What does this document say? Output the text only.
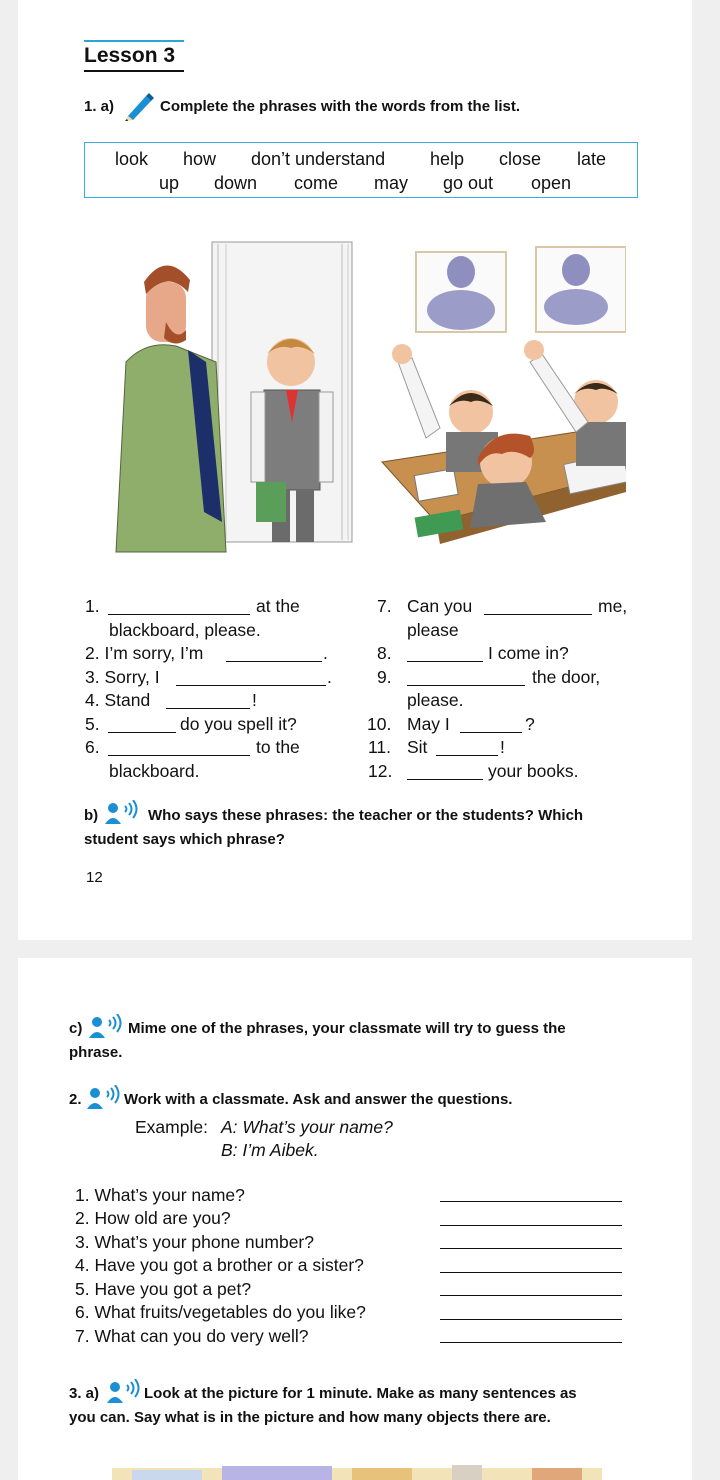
Lesson 3
1. a)	Complete the phrases with the words from the list.
look how don’t understand help close late
up down come may go out open
1.	at the
blackboard, please.
2. I’m sorry, I’m	.
3. Sorry, I	.
4. Stand	!
5.	do you spell it?
6.	to the
blackboard.
7. Can you	me,
please
8.	I come in?
9.	the door,
please.
10. May I	?
11. Sit	!
12.	your books.
b)	Who says these phrases: the teacher or the students? Which
student says which phrase?
12
c)	Mime one of the phrases, your classmate will try to guess the
phrase.
2.	Work with a classmate. Ask and answer the questions.
Example: A: What’s your name?
B: I’m Aibek.
1. What’s your name?
2. How old are you?
3. What’s your phone number?
4. Have you got a brother or a sister?
5. Have you got a pet?
6. What fruits/vegetables do you like?
7. What can you do very well?
3. a)	Look at the picture for 1 minute. Make as many sentences as
you can. Say what is in the picture and how many objects there are.
